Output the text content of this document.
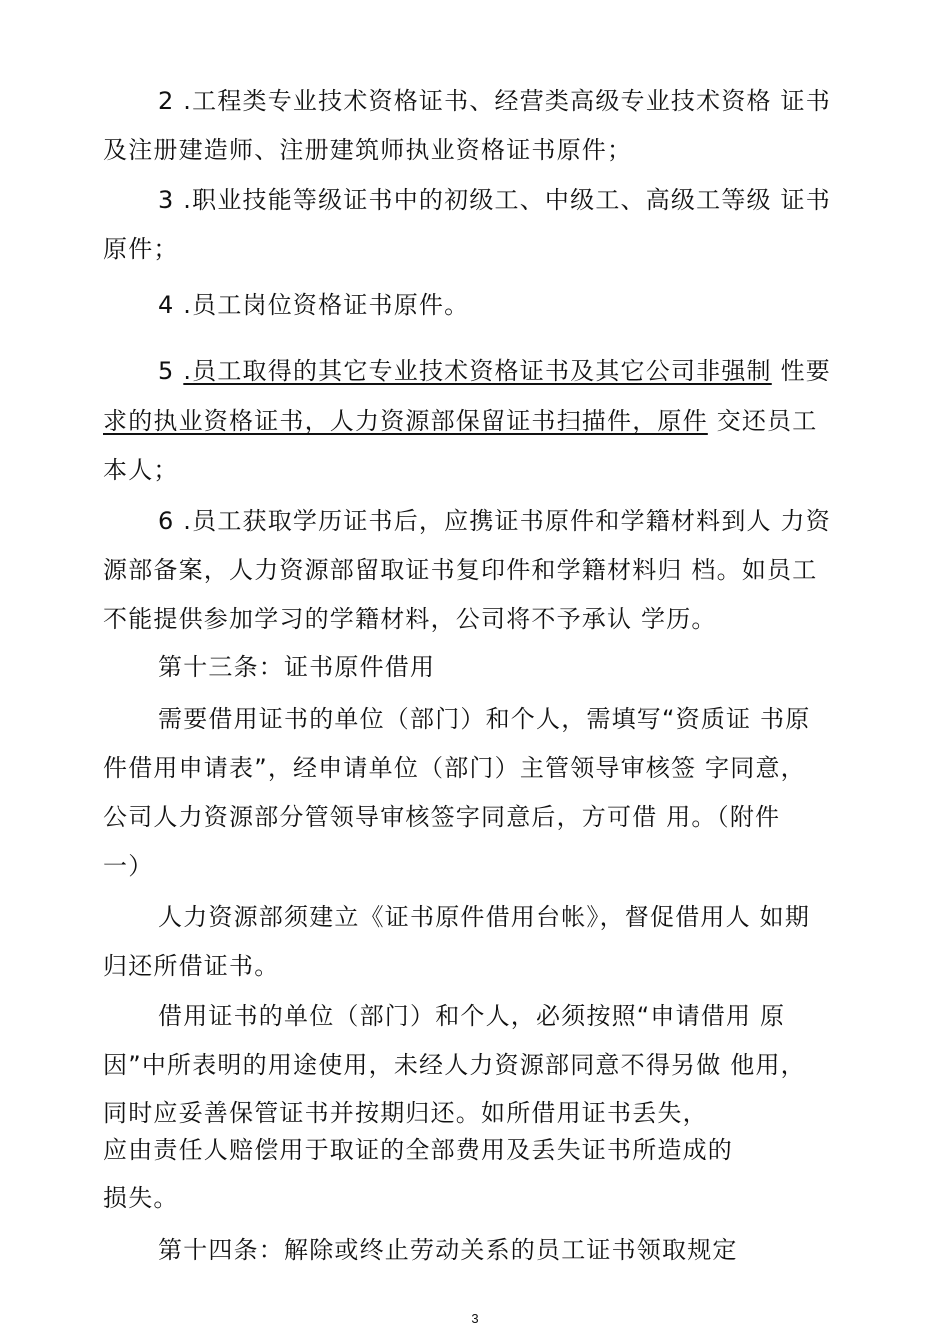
2 .工程类专业技术资格证书、经营类高级专业技术资格 证书
及注册建造师、注册建筑师执业资格证书原件；
3 .职业技能等级证书中的初级工、中级工、高级工等级 证书
原件；
4 .员工岗位资格证书原件。
5 .员工取得的其它专业技术资格证书及其它公司非强制 性要
求的执业资格证书，人力资源部保留证书扫描件，原件 交还员工
本人；
6 .员工获取学历证书后，应携证书原件和学籍材料到人 力资
源部备案，人力资源部留取证书复印件和学籍材料归 档。如员工
不能提供参加学习的学籍材料，公司将不予承认 学历。
第十三条：证书原件借用
需要借用证书的单位（部门）和个人，需填写“资质证 书原
件借用申请表”，经申请单位（部门）主管领导审核签 字同意，
公司人力资源部分管领导审核签字同意后，方可借 用。（附件
一）
人力资源部须建立《证书原件借用台帐》，督促借用人 如期
归还所借证书。
借用证书的单位（部门）和个人，必须按照“申请借用 原
因”中所表明的用途使用，未经人力资源部同意不得另做 他用，
同时应妥善保管证书并按期归还。如所借用证书丢失，
应由责任人赔偿用于取证的全部费用及丢失证书所造成的
损失。
第十四条：解除或终止劳动关系的员工证书领取规定
3
